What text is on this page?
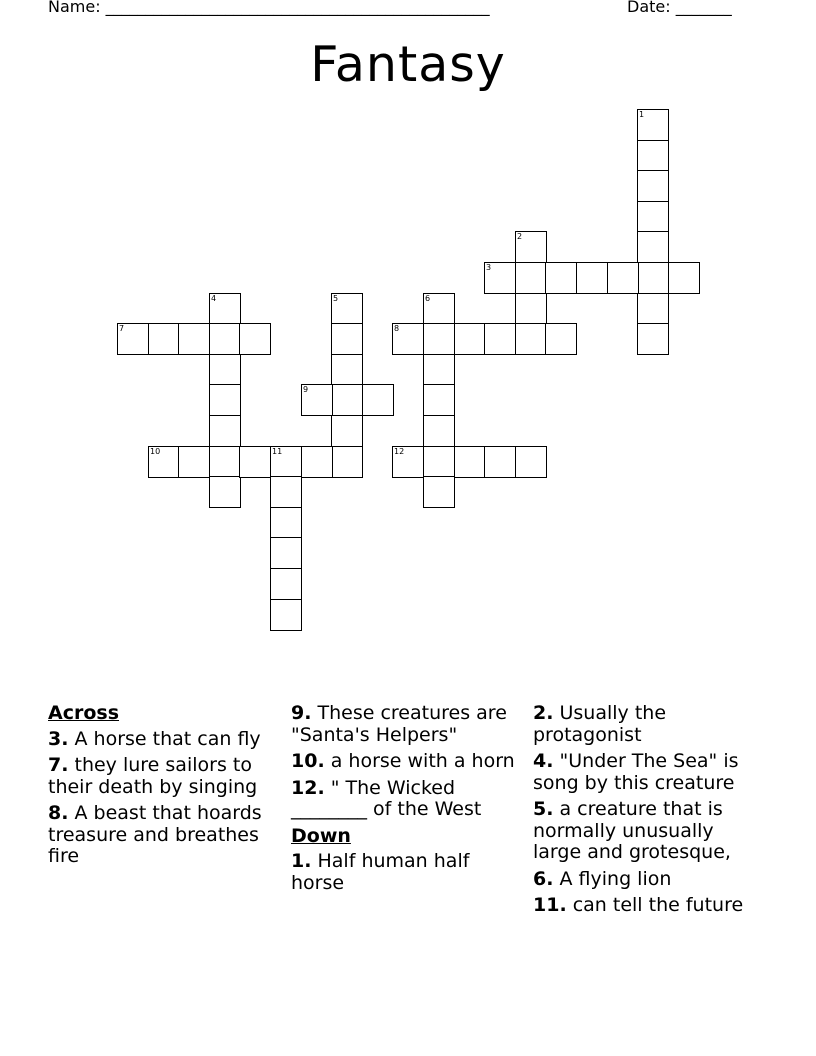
Name: ________________________________________________	Date: _______
Fantasy
1
2
3
4	5	6
7	8
9
10	11	12
Across
3. A horse that can fly
7. they lure sailors to their death by singing
8. A beast that hoards treasure and breathes fire
9. These creatures are "Santa's Helpers"
10. a horse with a horn
12. " The Wicked ________ of the West
Down
1. Half human half horse
2. Usually the protagonist
4. "Under The Sea" is song by this creature
5. a creature that is normally unusually large and grotesque,
6. A flying lion
11. can tell the future
